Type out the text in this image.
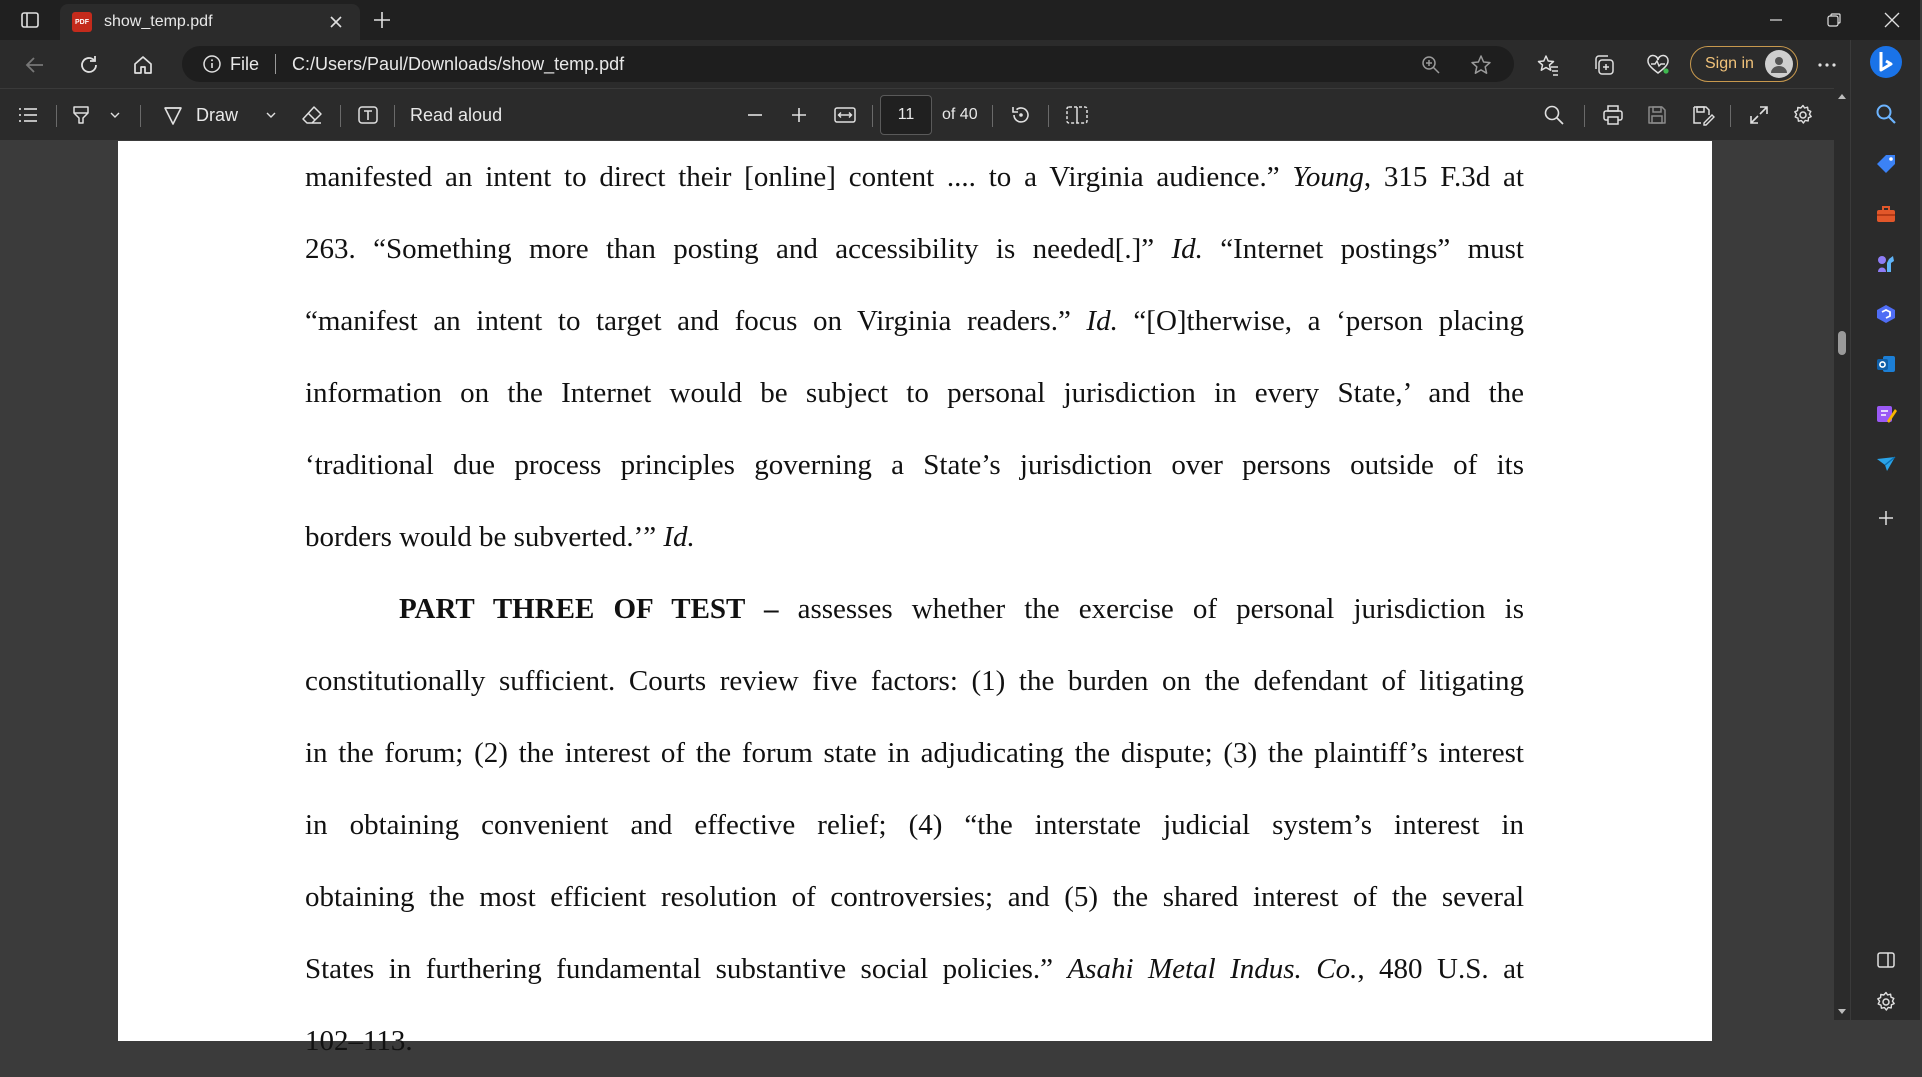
PDF show_temp.pdf
File C:/Users/Paul/Downloads/show_temp.pdf	Sign in
Draw	Read aloud
11	of 40
manifested an intent to direct their [online] content .... to a Virginia audience.” Young, 315 F.3d at
263. “Something more than posting and accessibility is needed[.]” Id. “Internet postings” must
“manifest an intent to target and focus on Virginia readers.” Id. “[O]therwise, a ‘person placing
information on the Internet would be subject to personal jurisdiction in every State,’ and the
‘traditional due process principles governing a State’s jurisdiction over persons outside of its
borders would be subverted.’” Id.
PART THREE OF TEST – assesses whether the exercise of personal jurisdiction is
constitutionally sufficient. Courts review five factors: (1) the burden on the defendant of litigating
in the forum; (2) the interest of the forum state in adjudicating the dispute; (3) the plaintiff’s interest
in obtaining convenient and effective relief; (4) “the interstate judicial system’s interest in
obtaining the most efficient resolution of controversies; and (5) the shared interest of the several
States in furthering fundamental substantive social policies.” Asahi Metal Indus. Co., 480 U.S. at
102–113.
